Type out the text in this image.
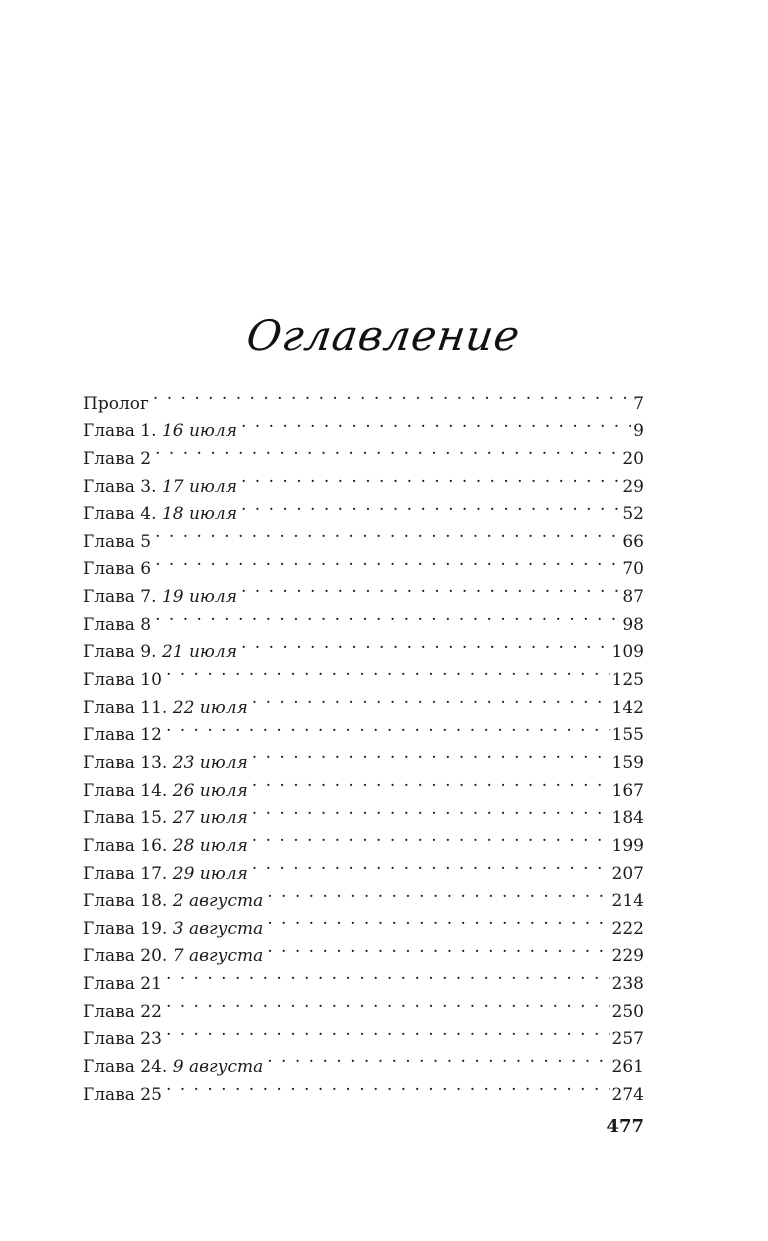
Оглавление
Пролог . . .	7
Глава 1. 16 июля . . .	9
Глава 2 . . .	20
Глава 3. 17 июля . . .	29
Глава 4. 18 июля . . .	52
Глава 5 . . .	66
Глава 6 . . .	70
Глава 7. 19 июля . . .	87
Глава 8 . . .	98
Глава 9. 21 июля . . .	109
Глава 10 . . .	125
Глава 11. 22 июля . . .	142
Глава 12 . . .	155
Глава 13. 23 июля . . .	159
Глава 14. 26 июля . . .	167
Глава 15. 27 июля . . .	184
Глава 16. 28 июля . . .	199
Глава 17. 29 июля . . .	207
Глава 18. 2 августа . . .	214
Глава 19. 3 августа . . .	222
Глава 20. 7 августа . . .	229
Глава 21 . . .	238
Глава 22 . . .	250
Глава 23 . . .	257
Глава 24. 9 августа . . .	261
Глава 25 . . .	274
477
